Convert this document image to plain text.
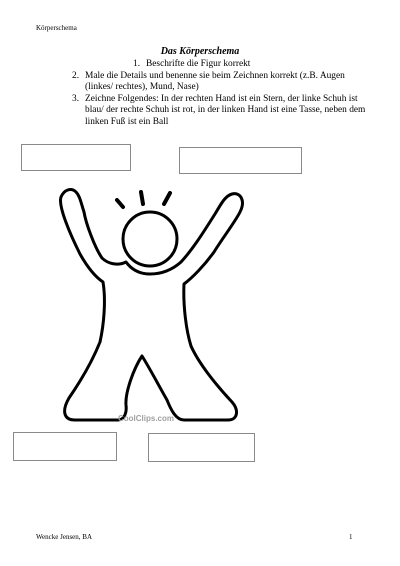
Körperschema
Das Körperschema
1. Beschrifte die Figur korrekt
2. Male die Details und benenne sie beim Zeichnen korrekt (z.B. Augen (linkes/ rechtes), Mund, Nase)
3. Zeichne Folgendes: In der rechten Hand ist ein Stern, der linke Schuh ist blau/ der rechte Schuh ist rot, in der linken Hand ist eine Tasse, neben dem linken Fuß ist ein Ball
CoolClips.com
Wencke Jensen, BA	1
